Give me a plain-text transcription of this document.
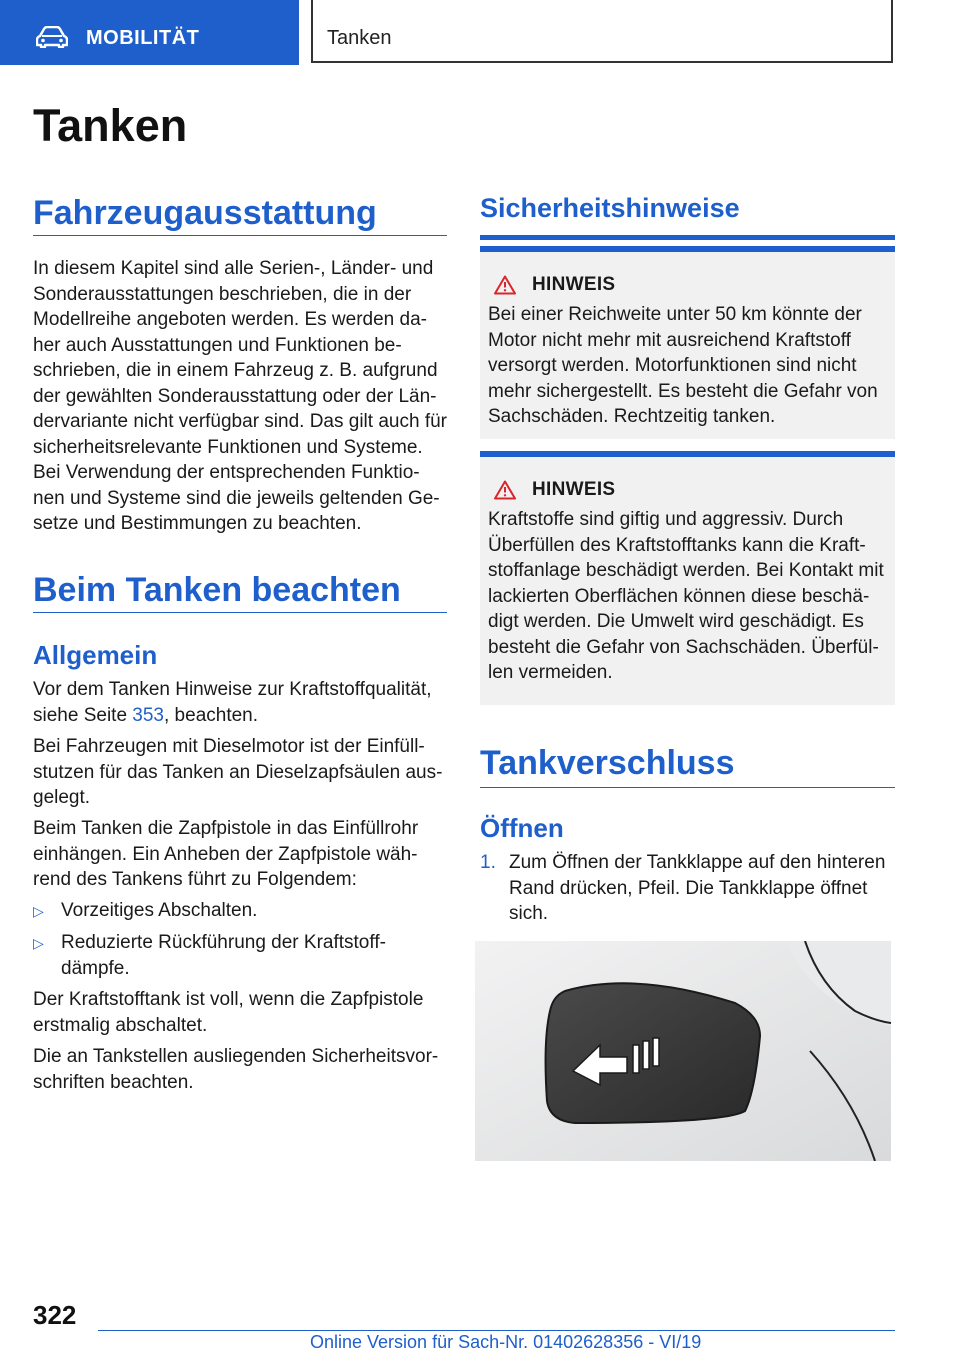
MOBILITÄT	Tanken
Tanken
Fahrzeugausstattung

In diesem Kapitel sind alle Serien-, Länder- und Sonderausstattungen beschrieben, die in der Modellreihe angeboten werden. Es werden da-her auch Ausstattungen und Funktionen be-schrieben, die in einem Fahrzeug z. B. aufgrund der gewählten Sonderausstattung oder der Län-dervariante nicht verfügbar sind. Das gilt auch für sicherheitsrelevante Funktionen und Systeme. Bei Verwendung der entsprechenden Funktio-nen und Systeme sind die jeweils geltenden Ge-setze und Bestimmungen zu beachten.

Beim Tanken beachten
Allgemein

Vor dem Tanken Hinweise zur Kraftstoffqualität, siehe Seite 353, beachten.

Bei Fahrzeugen mit Dieselmotor ist der Einfüll-stutzen für das Tanken an Dieselzapfsäulen aus-gelegt.

Beim Tanken die Zapfpistole in das Einfüllrohr einhängen. Ein Anheben der Zapfpistole wäh-rend des Tankens führt zu Folgendem:

▷ Vorzeitiges Abschalten.
▷ Reduzierte Rückführung der Kraftstoff-dämpfe.

Der Kraftstofftank ist voll, wenn die Zapfpistole erstmalig abschaltet.

Die an Tankstellen ausliegenden Sicherheitsvor-schriften beachten.

Sicherheitshinweise
HINWEIS

Bei einer Reichweite unter 50 km könnte der Motor nicht mehr mit ausreichend Kraftstoff versorgt werden. Motorfunktionen sind nicht mehr sichergestellt. Es besteht die Gefahr von Sachschäden. Rechtzeitig tanken.

HINWEIS

Kraftstoffe sind giftig und aggressiv. Durch Überfüllen des Kraftstofftanks kann die Kraft-stoffanlage beschädigt werden. Bei Kontakt mit lackierten Oberflächen können diese beschä-digt werden. Die Umwelt wird geschädigt. Es besteht die Gefahr von Sachschäden. Überfül-len vermeiden.

Tankverschluss
Öffnen
1. Zum Öffnen der Tankklappe auf den hinteren Rand drücken, Pfeil. Die Tankklappe öffnet sich.
322
Online Version für Sach-Nr. 01402628356 - VI/19
